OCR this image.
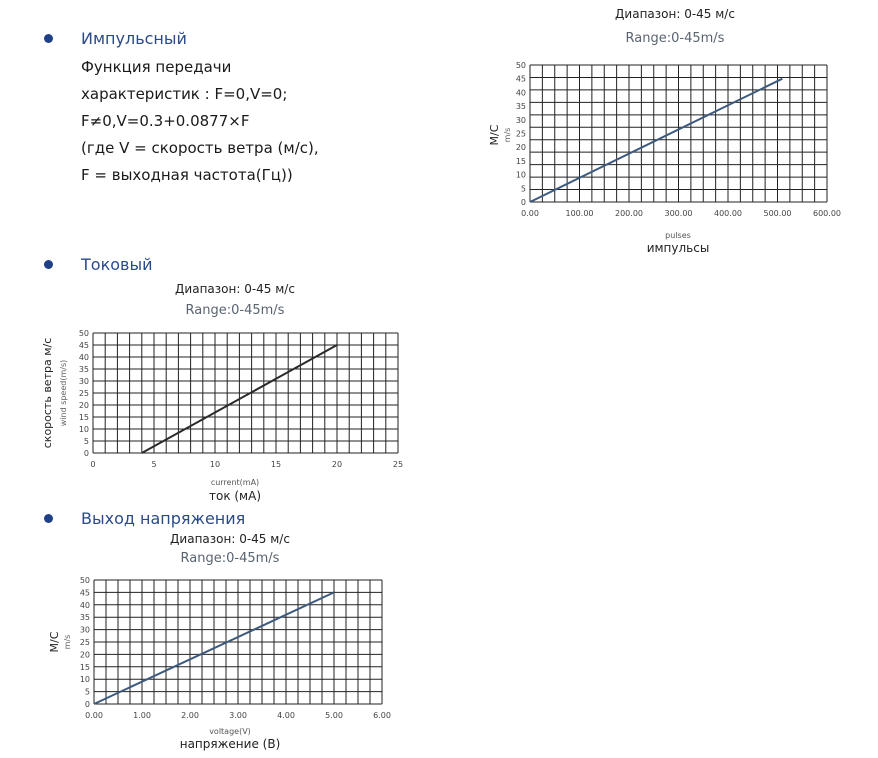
Импульсный
Функция передачи
характеристик : F=0,V=0;
F≠0,V=0.3+0.0877×F
(где V = скорость ветра (м/с),
F = выходная частота(Гц))
Токовый
Выход напряжения
Диапазон: 0-45 м/с
Range:0-45m/s
0
5
10
15
20
25
30
35
40
45
50
0.00	100.00	200.00	300.00	400.00	500.00	600.00
pulses
импульсы
М/С m/s
Диапазон: 0-45 м/с
Range:0-45m/s
0
5
10
15
20
25
30
35
40
45
50
0	5	10	15	20	25
current(mA)
ток (мА)
скорость ветра м/с wind speed(m/s)
Диапазон: 0-45 м/с
Range:0-45m/s
0
5
10
15
20
25
30
35
40
45
50
0.00	1.00	2.00	3.00	4.00	5.00	6.00
voltage(V)
напряжение (В)
М/С m/s
